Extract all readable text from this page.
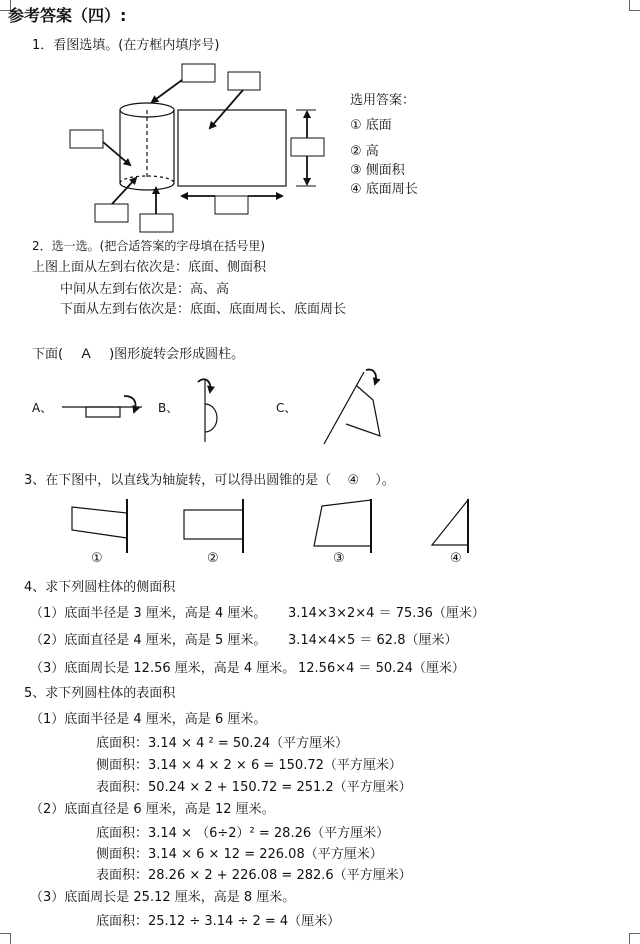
参考答案（四）:
1．看图选填。(在方框内填序号)
选用答案：
① 底面
② 高
③ 侧面积
④ 底面周长
2．选一选。(把合适答案的字母填在括号里)
上图上面从左到右依次是：底面、侧面积
中间从左到右依次是：高、高
下面从左到右依次是：底面、底面周长、底面周长
下面( A )图形旋转会形成圆柱。
A、	B、	C、
3、在下图中，以直线为轴旋转，可以得出圆锥的是（ ④ ）。
①	②	③	④
4、求下列圆柱体的侧面积
（1）底面半径是 3 厘米，高是 4 厘米。 3.14×3×2×4 ＝ 75.36（厘米）
（2）底面直径是 4 厘米，高是 5 厘米。 3.14×4×5 ＝ 62.8（厘米）
（3）底面周长是 12.56 厘米，高是 4 厘米。 12.56×4 ＝ 50.24（厘米）
5、求下列圆柱体的表面积
（1）底面半径是 4 厘米，高是 6 厘米。
底面积：3.14 × 4 ² = 50.24（平方厘米）
侧面积：3.14 × 4 × 2 × 6 = 150.72（平方厘米）
表面积：50.24 × 2 + 150.72 = 251.2（平方厘米）
（2）底面直径是 6 厘米，高是 12 厘米。
底面积：3.14 × （6÷2）² = 28.26（平方厘米）
侧面积：3.14 × 6 × 12 = 226.08（平方厘米）
表面积：28.26 × 2 + 226.08 = 282.6（平方厘米）
（3）底面周长是 25.12 厘米，高是 8 厘米。
底面积：25.12 ÷ 3.14 ÷ 2 = 4（厘米）
